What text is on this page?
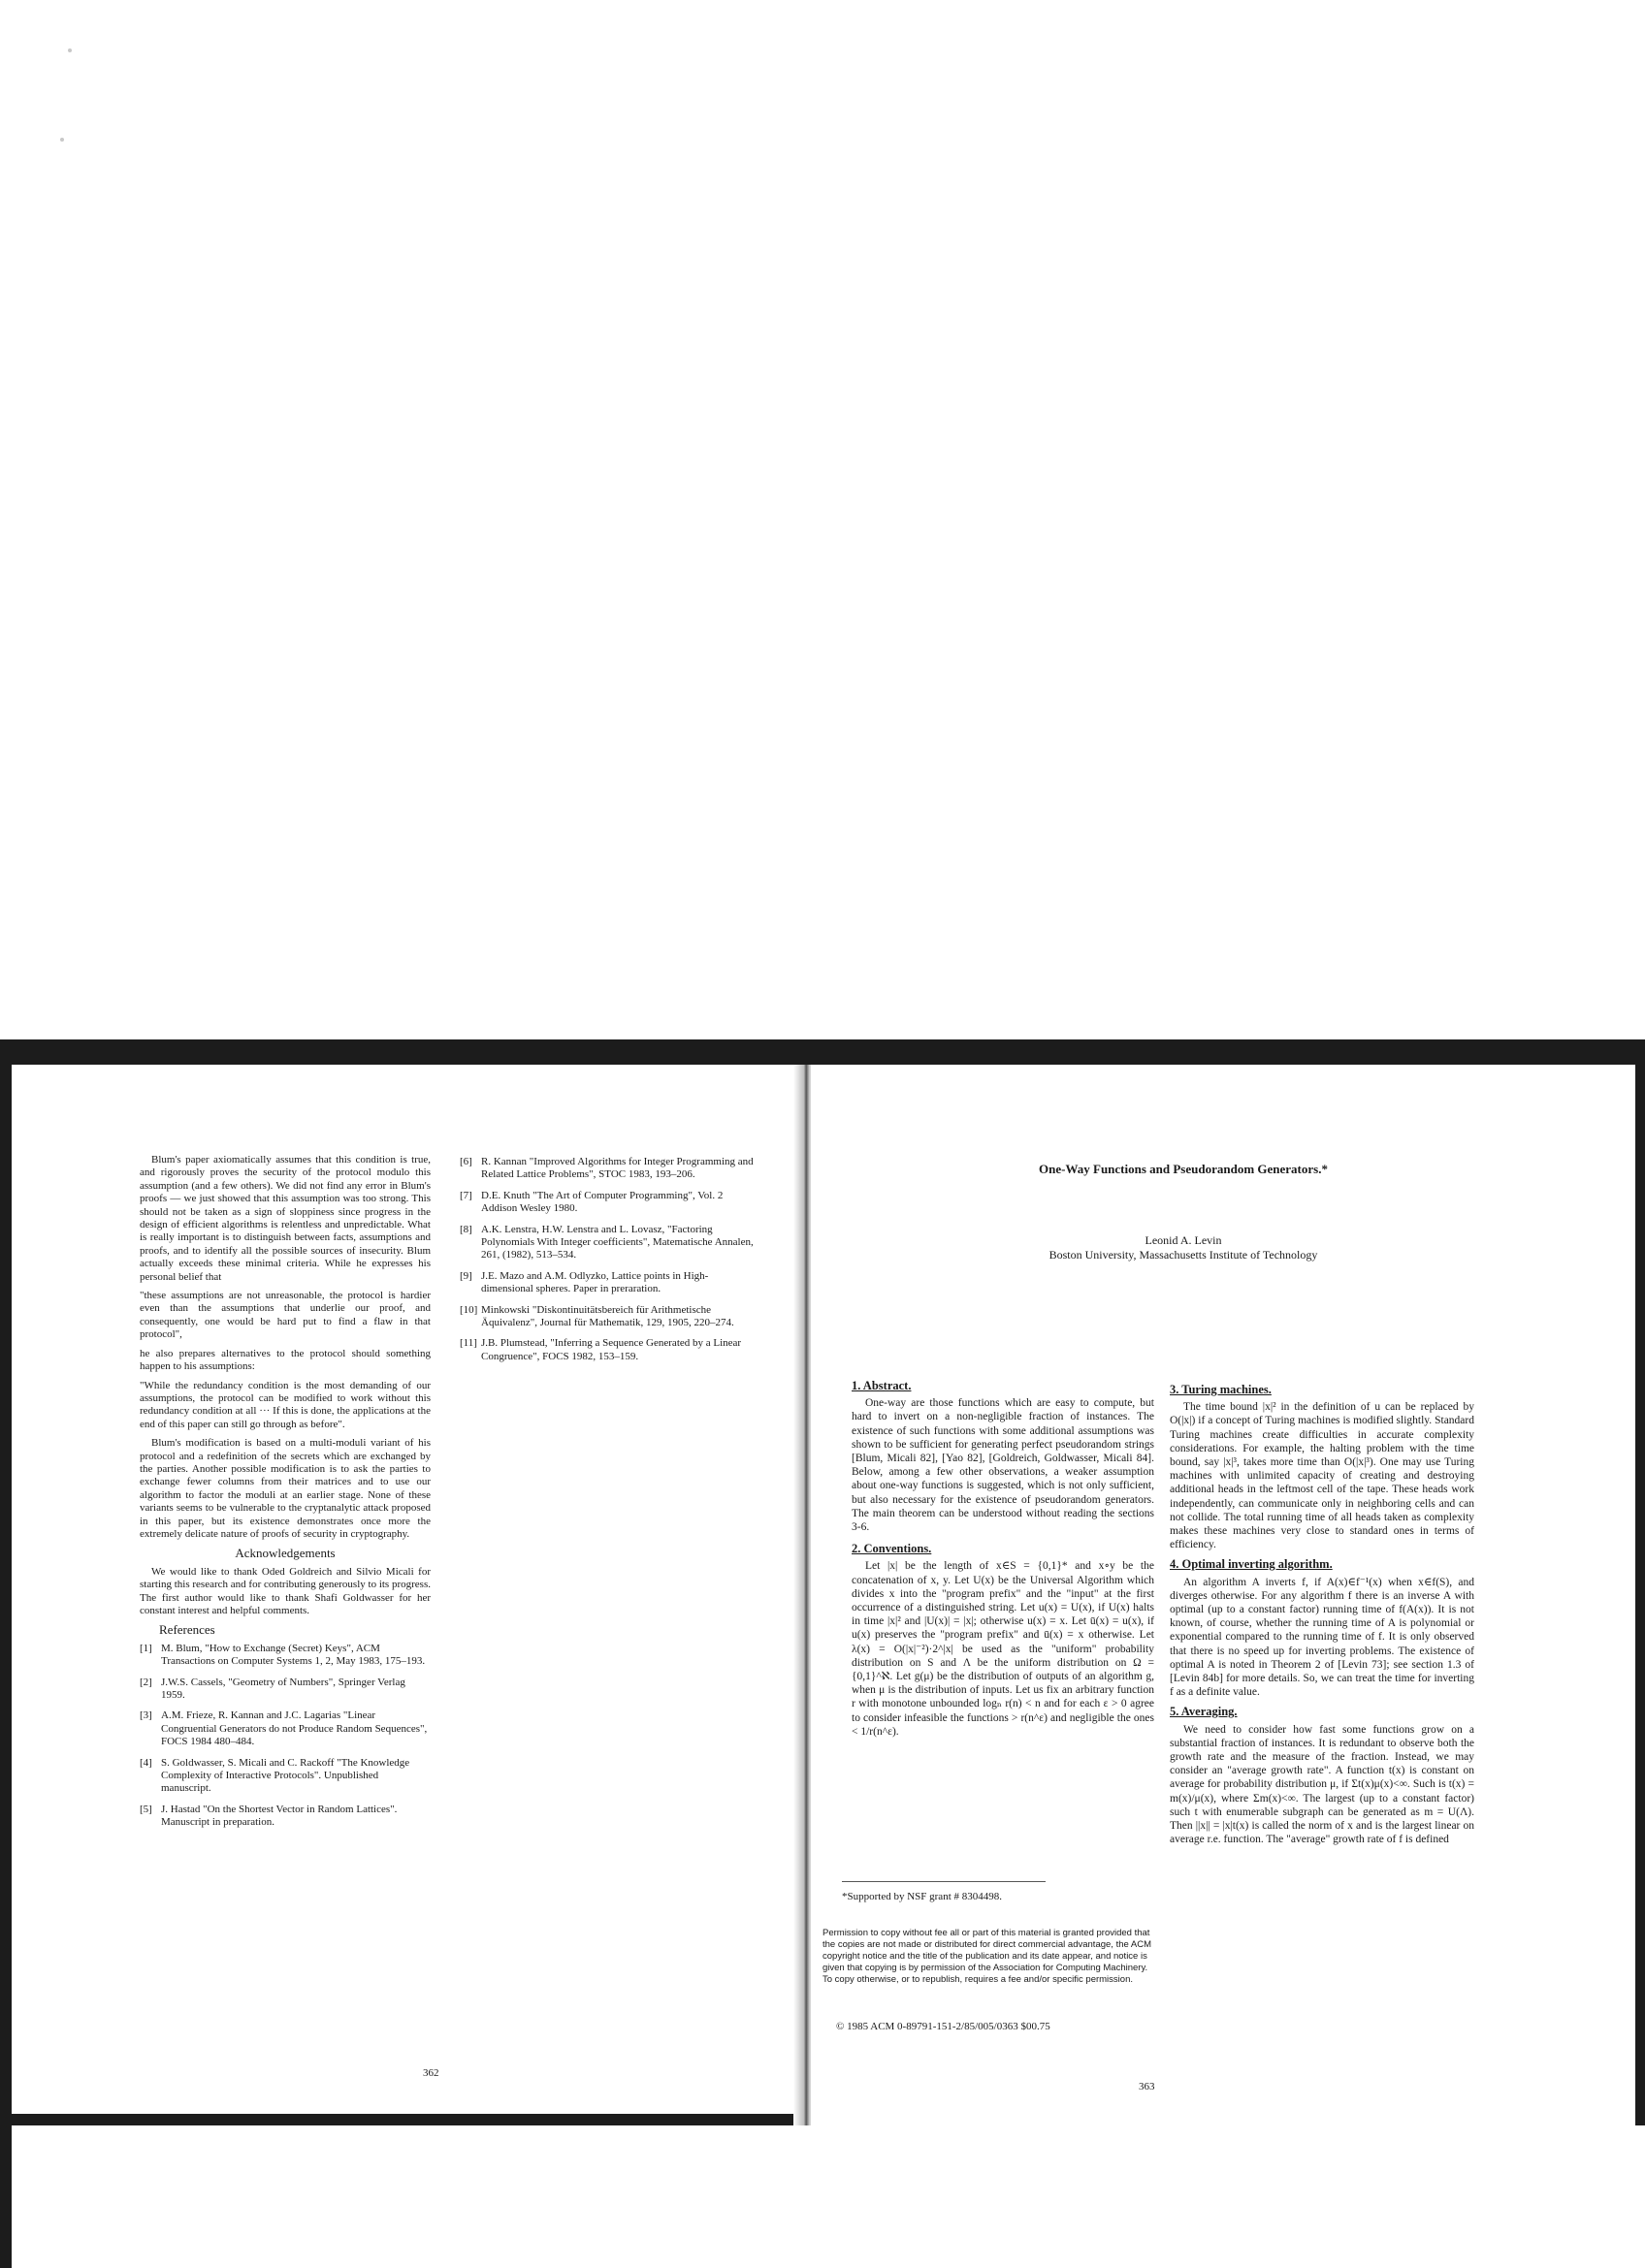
Blum's paper axiomatically assumes that this condition is true, and rigorously proves the security of the protocol modulo this assumption (and a few others). We did not find any error in Blum's proofs — we just showed that this assumption was too strong. This should not be taken as a sign of sloppiness since progress in the design of efficient algorithms is relentless and unpredictable. What is really important is to distinguish between facts, assumptions and proofs, and to identify all the possible sources of insecurity. Blum actually exceeds these minimal criteria. While he expresses his personal belief that

"these assumptions are not unreasonable, the protocol is hardier even than the assumptions that underlie our proof, and consequently, one would be hard put to find a flaw in that protocol",

he also prepares alternatives to the protocol should something happen to his assumptions:

"While the redundancy condition is the most demanding of our assumptions, the protocol can be modified to work without this redundancy condition at all ··· If this is done, the applications at the end of this paper can still go through as before".

Blum's modification is based on a multi-moduli variant of his protocol and a redefinition of the secrets which are exchanged by the parties. Another possible modification is to ask the parties to exchange fewer columns from their matrices and to use our algorithm to factor the moduli at an earlier stage. None of these variants seems to be vulnerable to the cryptanalytic attack proposed in this paper, but its existence demonstrates once more the extremely delicate nature of proofs of security in cryptography.

Acknowledgements

We would like to thank Oded Goldreich and Silvio Micali for starting this research and for contributing generously to its progress. The first author would like to thank Shafi Goldwasser for her constant interest and helpful comments.

References
[1] M. Blum, "How to Exchange (Secret) Keys", ACM Transactions on Computer Systems 1, 2, May 1983, 175–193.
[2] J.W.S. Cassels, "Geometry of Numbers", Springer Verlag 1959.
[3] A.M. Frieze, R. Kannan and J.C. Lagarias "Linear Congruential Generators do not Produce Random Sequences", FOCS 1984 480–484.
[4] S. Goldwasser, S. Micali and C. Rackoff "The Knowledge Complexity of Interactive Protocols". Unpublished manuscript.
[5] J. Hastad "On the Shortest Vector in Random Lattices". Manuscript in preparation.
[6] R. Kannan "Improved Algorithms for Integer Programming and Related Lattice Problems", STOC 1983, 193–206.
[7] D.E. Knuth "The Art of Computer Programming", Vol. 2 Addison Wesley 1980.
[8] A.K. Lenstra, H.W. Lenstra and L. Lovasz, "Factoring Polynomials With Integer coefficients", Matematische Annalen, 261, (1982), 513–534.
[9] J.E. Mazo and A.M. Odlyzko, Lattice points in High-dimensional spheres. Paper in preraration.
[10] Minkowski "Diskontinuitätsbereich für Arithmetische Äquivalenz", Journal für Mathematik, 129, 1905, 220–274.
[11] J.B. Plumstead, "Inferring a Sequence Generated by a Linear Congruence", FOCS 1982, 153–159.
362
One-Way Functions and Pseudorandom Generators.*
Leonid A. Levin
Boston University, Massachusetts Institute of Technology
1. Abstract.

One-way are those functions which are easy to compute, but hard to invert on a non-negligible fraction of instances. The existence of such functions with some additional assumptions was shown to be sufficient for generating perfect pseudorandom strings [Blum, Micali 82], [Yao 82], [Goldreich, Goldwasser, Micali 84]. Below, among a few other observations, a weaker assumption about one-way functions is suggested, which is not only sufficient, but also necessary for the existence of pseudorandom generators. The main theorem can be understood without reading the sections 3-6.

2. Conventions.

Let |x| be the length of x∈S = {0,1}* and x∘y be the concatenation of x, y. Let U(x) be the Universal Algorithm which divides x into the "program prefix" and the "input" at the first occurrence of a distinguished string. Let u(x) = U(x), if U(x) halts in time |x|² and |U(x)| = |x|; otherwise u(x) = x. Let ū(x) = u(x), if u(x) preserves the "program prefix" and ū(x) = x otherwise. Let λ(x) = O(|x|⁻²)·2^|x| be used as the "uniform" probability distribution on S and Λ be the uniform distribution on Ω = {0,1}^ℵ. Let g(μ) be the distribution of outputs of an algorithm g, when μ is the distribution of inputs. Let us fix an arbitrary function r with monotone unbounded logₙ r(n) < n and for each ε > 0 agree to consider infeasible the functions > r(n^ε) and negligible the ones < 1/r(n^ε).

*Supported by NSF grant # 8304498.
Permission to copy without fee all or part of this material is granted provided that the copies are not made or distributed for direct commercial advantage, the ACM copyright notice and the title of the publication and its date appear, and notice is given that copying is by permission of the Association for Computing Machinery. To copy otherwise, or to republish, requires a fee and/or specific permission.
© 1985 ACM 0-89791-151-2/85/005/0363 $00.75
3. Turing machines.

The time bound |x|² in the definition of u can be replaced by O(|x|) if a concept of Turing machines is modified slightly. Standard Turing machines create difficulties in accurate complexity considerations. For example, the halting problem with the time bound, say |x|³, takes more time than O(|x|³). One may use Turing machines with unlimited capacity of creating and destroying additional heads in the leftmost cell of the tape. These heads work independently, can communicate only in neighboring cells and can not collide. The total running time of all heads taken as complexity makes these machines very close to standard ones in terms of efficiency.

4. Optimal inverting algorithm.

An algorithm A inverts f, if A(x)∈f⁻¹(x) when x∈f(S), and diverges otherwise. For any algorithm f there is an inverse A with optimal (up to a constant factor) running time of f(A(x)). It is not known, of course, whether the running time of A is polynomial or exponential compared to the running time of f. It is only observed that there is no speed up for inverting problems. The existence of optimal A is noted in Theorem 2 of [Levin 73]; see section 1.3 of [Levin 84b] for more details. So, we can treat the time for inverting f as a definite value.

5. Averaging.

We need to consider how fast some functions grow on a substantial fraction of instances. It is redundant to observe both the growth rate and the measure of the fraction. Instead, we may consider an "average growth rate". A function t(x) is constant on average for probability distribution μ, if Σt(x)μ(x)<∞. Such is t(x) = m(x)/μ(x), where Σm(x)<∞. The largest (up to a constant factor) such t with enumerable subgraph can be generated as m = U(Λ). Then ||x|| = |x|t(x) is called the norm of x and is the largest linear on average r.e. function. The "average" growth rate of f is defined

363
